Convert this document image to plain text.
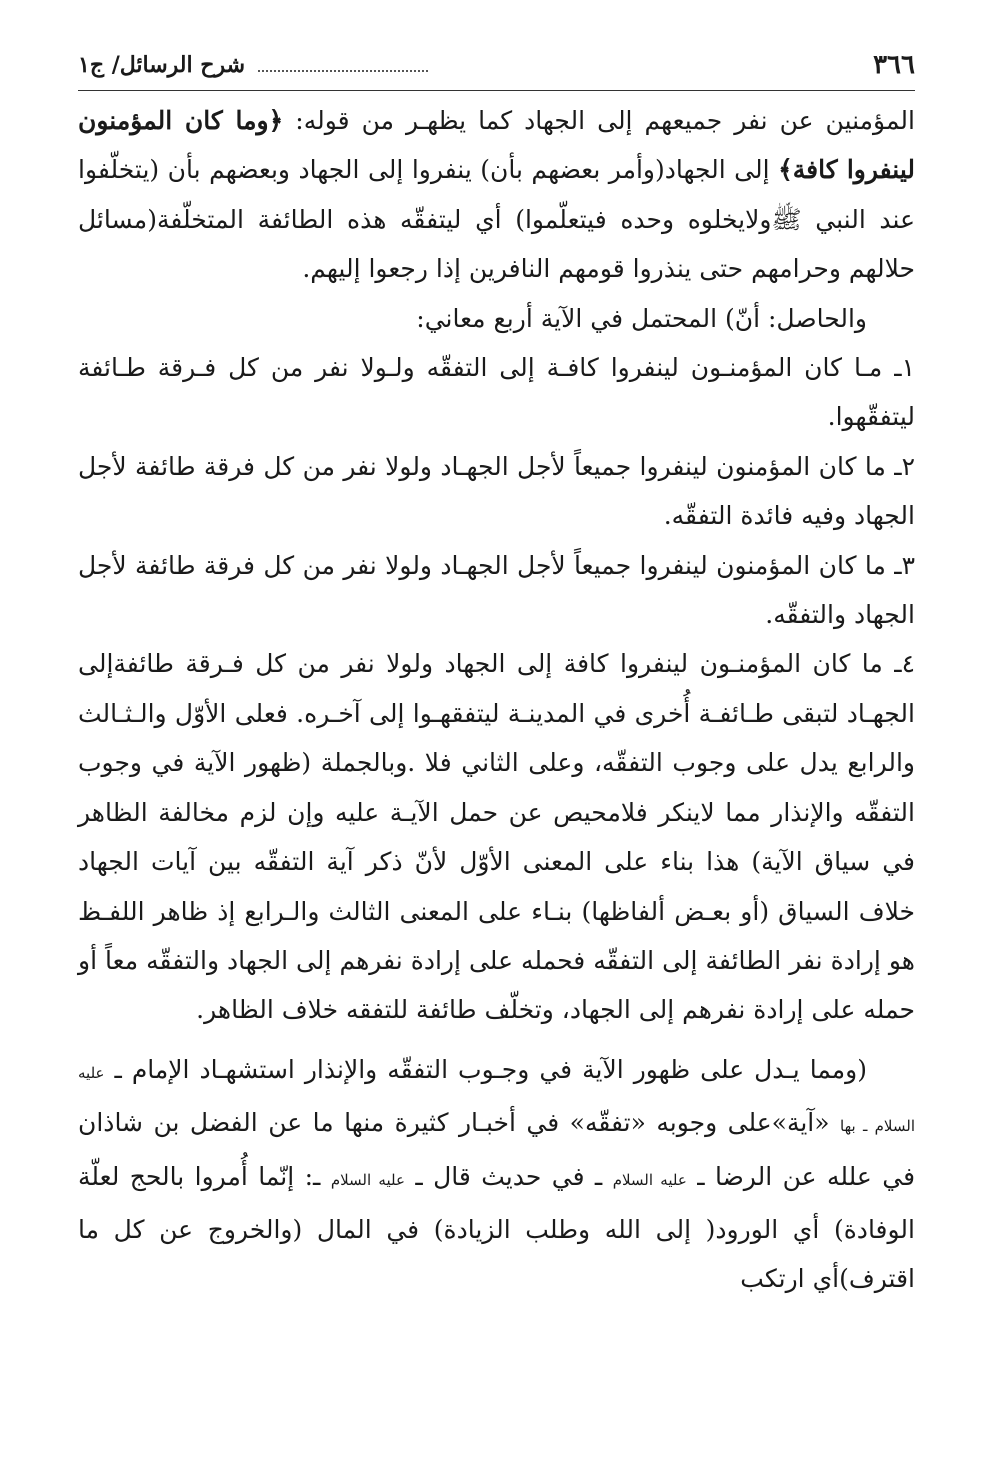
٣٦٦
شرح الرسائل/ ج١

المؤمنين عن نفر جميعهم إلى الجهاد كما يظهـر من قوله: ﴿وما كان المؤمنون لينفروا كافة﴾ إلى الجهاد(وأمر بعضهم بأن) ينفروا إلى الجهاد وبعضهم بأن (يتخلّفوا عند النبي ﷺولايخلوه وحده فيتعلّموا) أي ليتفقّه هذه الطائفة المتخلّفة(مسائل حلالهم وحرامهم حتى ينذروا قومهم النافرين إذا رجعوا إليهم.

والحاصل: أنّ) المحتمل في الآية أربع معاني:

١ـ مـا كان المؤمنـون لينفروا كافـة إلى التفقّه ولـولا نفر من كل فـرقة طـائفة ليتفقّهوا.

٢ـ ما كان المؤمنون لينفروا جميعاً لأجل الجهـاد ولولا نفر من كل فرقة طائفة لأجل الجهاد وفيه فائدة التفقّه.

٣ـ ما كان المؤمنون لينفروا جميعاً لأجل الجهـاد ولولا نفر من كل فرقة طائفة لأجل الجهاد والتفقّه.

٤ـ ما كان المؤمنـون لينفروا كافة إلى الجهاد ولولا نفر من كل فـرقة طائفةإلى الجهـاد لتبقى طـائفـة أُخرى في المدينـة ليتفقهـوا إلى آخـره. فعلى الأوّل والـثـالث والرابع يدل على وجوب التفقّه، وعلى الثاني فلا .وبالجملة (ظهور الآية في وجوب التفقّه والإنذار مما لاينكر فلامحيص عن حمل الآيـة عليه وإن لزم مخالفة الظاهر في سياق الآية) هذا بناء على المعنى الأوّل لأنّ ذكر آية التفقّه بين آيات الجهاد خلاف السياق (أو بعـض ألفاظها) بنـاء على المعنى الثالث والـرابع إذ ظاهر اللفـظ هو إرادة نفر الطائفة إلى التفقّه فحمله على إرادة نفرهم إلى الجهاد والتفقّه معاً أو حمله على إرادة نفرهم إلى الجهاد، وتخلّف طائفة للتفقه خلاف الظاهر.

(ومما يـدل على ظهور الآية في وجـوب التفقّه والإنذار استشهـاد الإمام ـ عليه السلام ـ بها «آية»على وجوبه «تفقّه» في أخبـار كثيرة منها ما عن الفضل بن شاذان في علله عن الرضا ـ عليه السلام ـ في حديث قال ـ عليه السلام ـ: إنّما أُمروا بالحج لعلّة الوفادة) أي الورود( إلى الله وطلب الزيادة) في المال (والخروج عن كل ما اقترف)أي ارتكب
